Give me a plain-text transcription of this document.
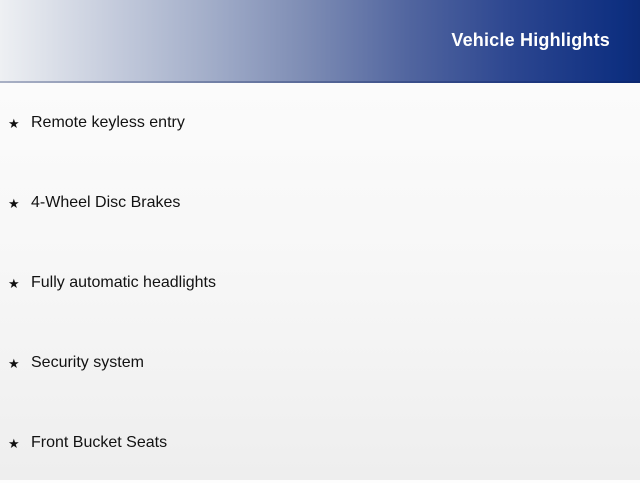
Vehicle Highlights
★ Remote keyless entry
★ 4-Wheel Disc Brakes
★ Fully automatic headlights
★ Security system
★ Front Bucket Seats
